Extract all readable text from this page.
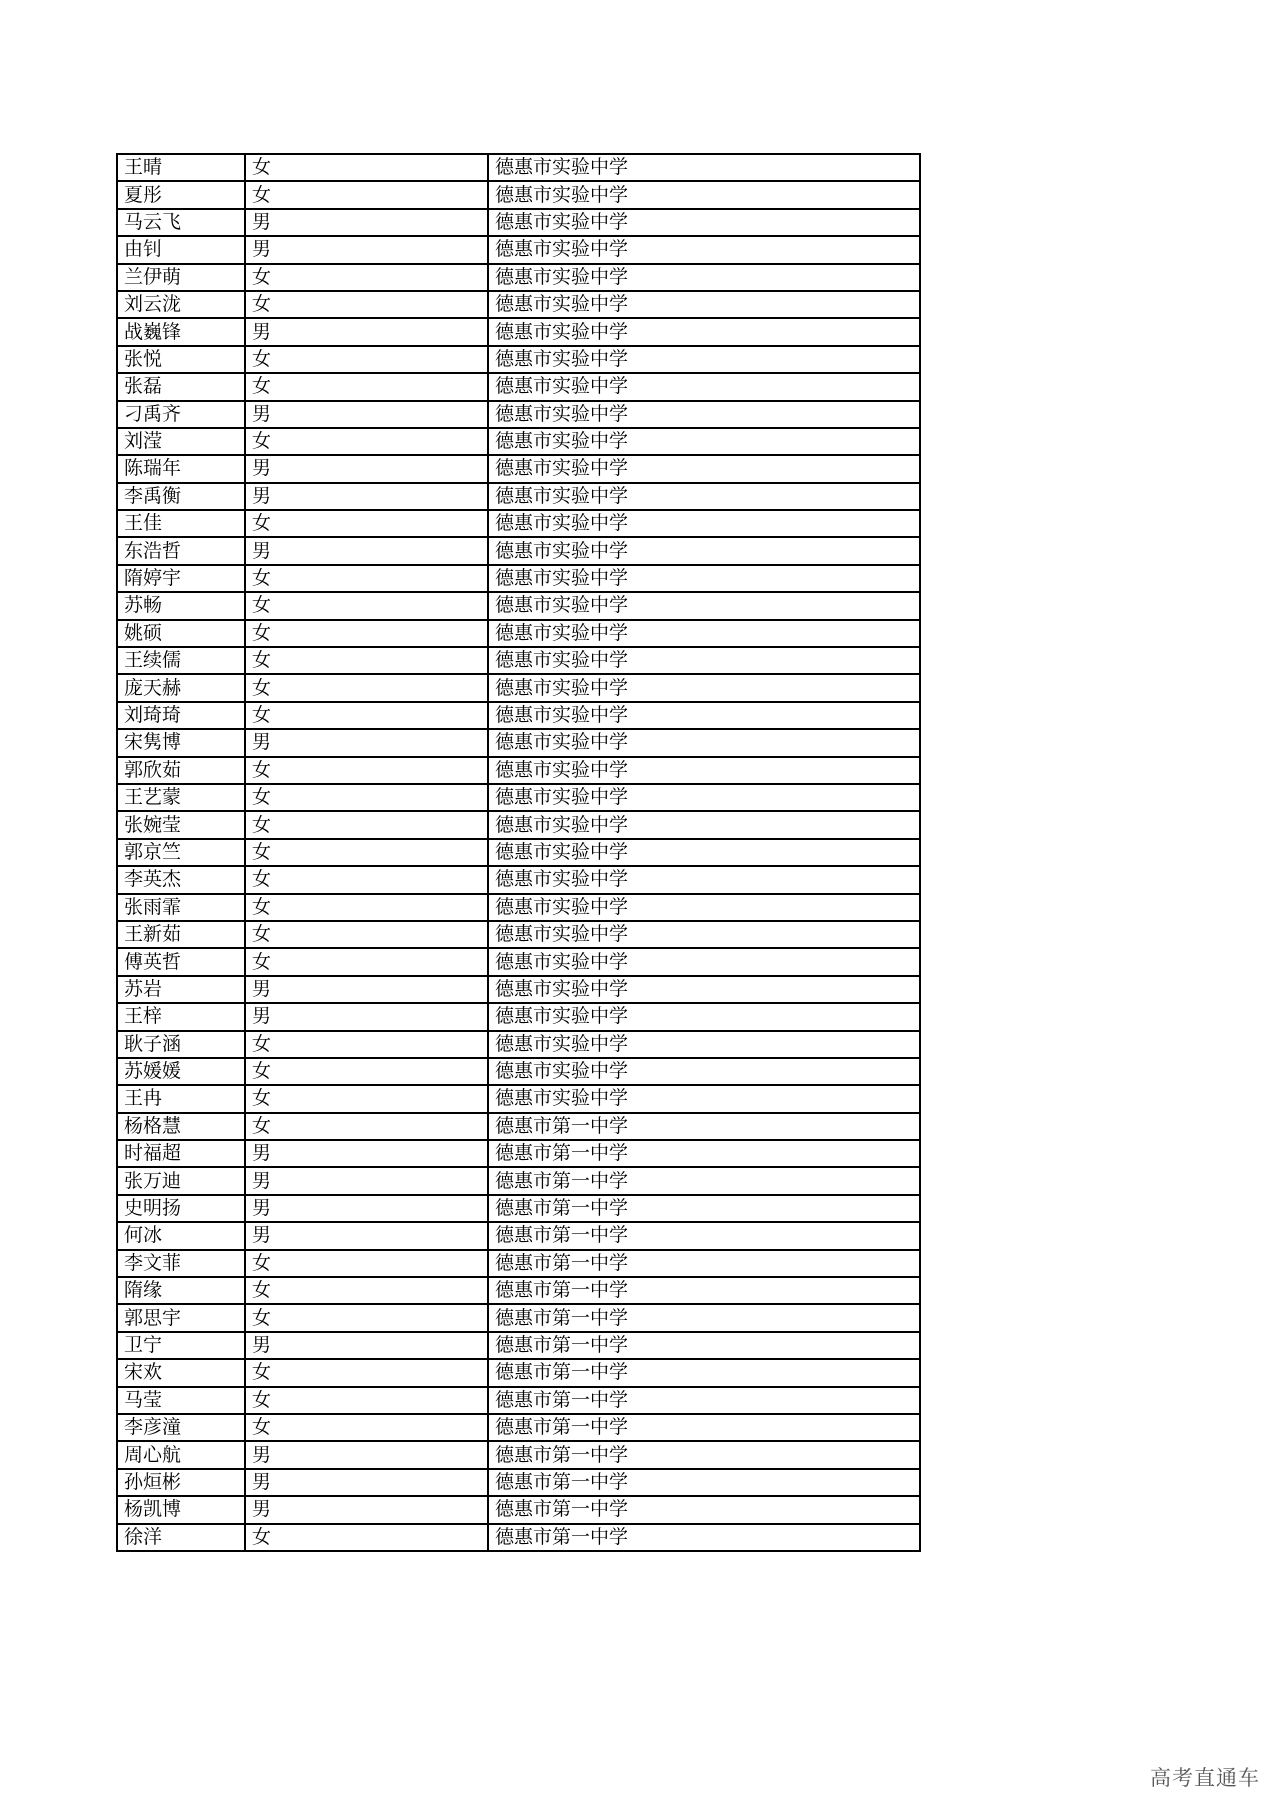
王晴	女	德惠市实验中学
夏彤	女	德惠市实验中学
马云飞	男	德惠市实验中学
由钊	男	德惠市实验中学
兰伊萌	女	德惠市实验中学
刘云泷	女	德惠市实验中学
战巍锋	男	德惠市实验中学
张悦	女	德惠市实验中学
张磊	女	德惠市实验中学
刁禹齐	男	德惠市实验中学
刘滢	女	德惠市实验中学
陈瑞年	男	德惠市实验中学
李禹衡	男	德惠市实验中学
王佳	女	德惠市实验中学
东浩哲	男	德惠市实验中学
隋婷宇	女	德惠市实验中学
苏畅	女	德惠市实验中学
姚硕	女	德惠市实验中学
王续儒	女	德惠市实验中学
庞天赫	女	德惠市实验中学
刘琦琦	女	德惠市实验中学
宋隽博	男	德惠市实验中学
郭欣茹	女	德惠市实验中学
王艺蒙	女	德惠市实验中学
张婉莹	女	德惠市实验中学
郭京竺	女	德惠市实验中学
李英杰	女	德惠市实验中学
张雨霏	女	德惠市实验中学
王新茹	女	德惠市实验中学
傅英哲	女	德惠市实验中学
苏岩	男	德惠市实验中学
王梓	男	德惠市实验中学
耿子涵	女	德惠市实验中学
苏媛媛	女	德惠市实验中学
王冉	女	德惠市实验中学
杨格慧	女	德惠市第一中学
时福超	男	德惠市第一中学
张万迪	男	德惠市第一中学
史明扬	男	德惠市第一中学
何冰	男	德惠市第一中学
李文菲	女	德惠市第一中学
隋缘	女	德惠市第一中学
郭思宇	女	德惠市第一中学
卫宁	男	德惠市第一中学
宋欢	女	德惠市第一中学
马莹	女	德惠市第一中学
李彦潼	女	德惠市第一中学
周心航	男	德惠市第一中学
孙烜彬	男	德惠市第一中学
杨凯博	男	德惠市第一中学
徐洋	女	德惠市第一中学
高考直通车
